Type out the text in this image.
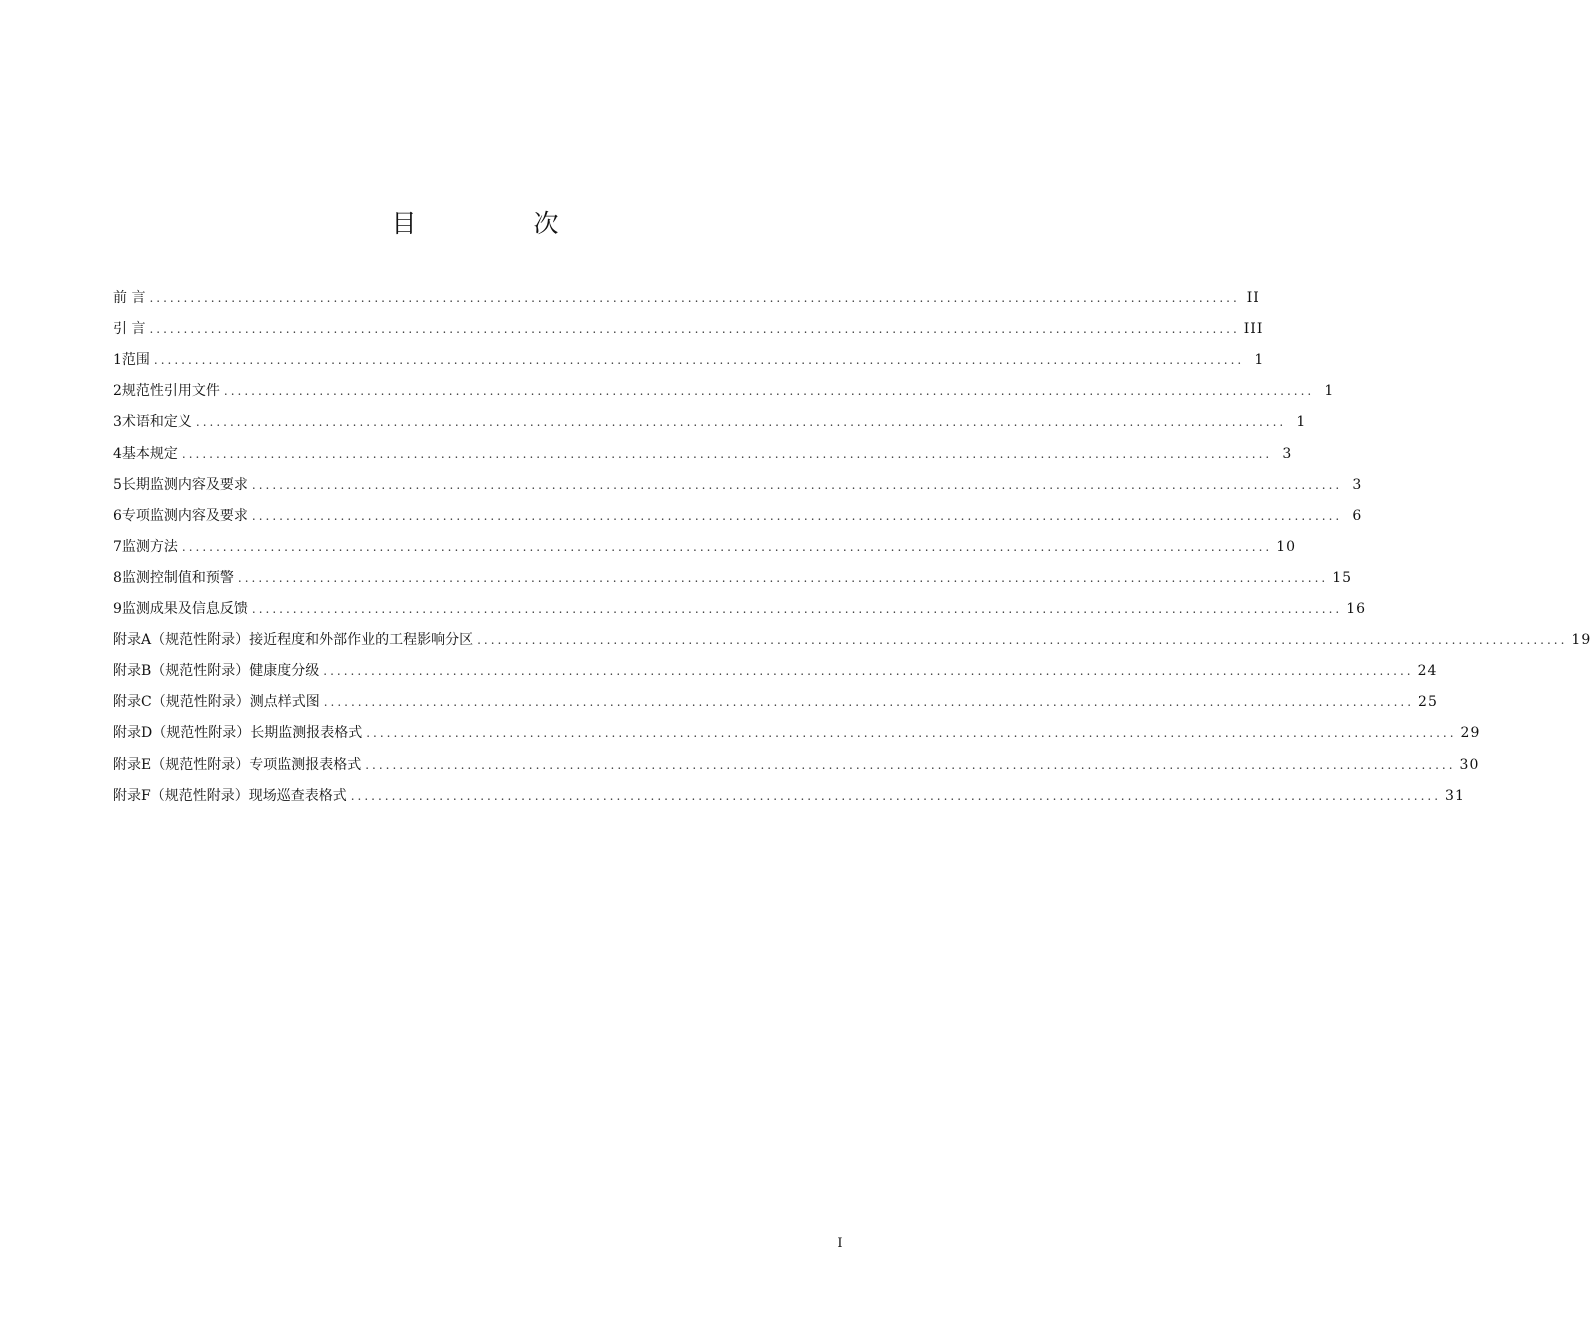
目　次
前 言 ................................................................................................................................................................ II
引 言 ................................................................................................................................................................ III
1 范围 ................................................................................................................................................................ 1
2 规范性引用文件 ................................................................................................................................................................ 1
3 术语和定义 ................................................................................................................................................................ 1
4 基本规定 ................................................................................................................................................................ 3
5 长期监测内容及要求 ................................................................................................................................................................ 3
6 专项监测内容及要求 ................................................................................................................................................................ 6
7 监测方法 ................................................................................................................................................................ 10
8 监测控制值和预警 ................................................................................................................................................................ 15
9 监测成果及信息反馈 ................................................................................................................................................................ 16
附录A（规范性附录）接近程度和外部作业的工程影响分区 ................................................................................................................................................................ 19
附录B（规范性附录）健康度分级 ................................................................................................................................................................ 24
附录C（规范性附录）测点样式图 ................................................................................................................................................................ 25
附录D（规范性附录）长期监测报表格式 ................................................................................................................................................................ 29
附录E（规范性附录）专项监测报表格式 ................................................................................................................................................................ 30
附录F（规范性附录）现场巡查表格式 ................................................................................................................................................................ 31
I
